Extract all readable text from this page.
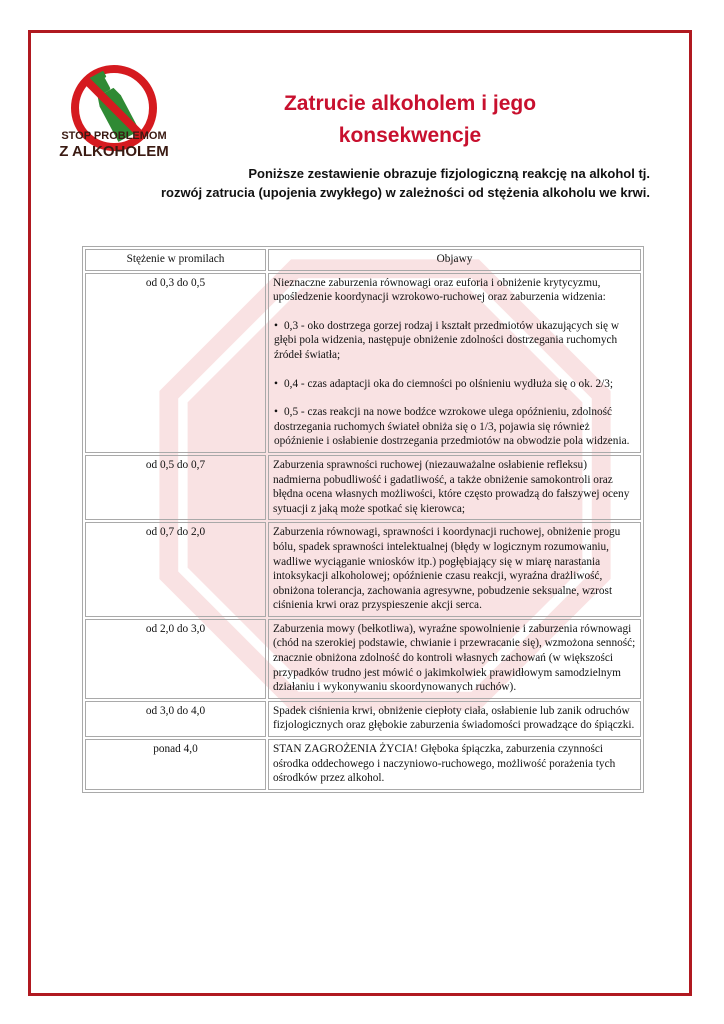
STOP PROBLEMOM
Z ALKOHOLEM
Zatrucie alkoholem i jego
konsekwencje
Poniższe zestawienie obrazuje fizjologiczną reakcję na alkohol tj.
rozwój zatrucia (upojenia zwykłego) w zależności od stężenia alkoholu we krwi.
Stężenie w promilach	Objawy
od 0,3 do 0,5	Nieznaczne zaburzenia równowagi oraz euforia i obniżenie krytycyzmu, upośledzenie koordynacji wzrokowo-ruchowej oraz zaburzenia widzenia:
• 0,3 - oko dostrzega gorzej rodzaj i kształt przedmiotów ukazujących się w głębi pola widzenia, następuje obniżenie zdolności dostrzegania ruchomych źródeł światła;
• 0,4 - czas adaptacji oka do ciemności po olśnieniu wydłuża się o ok. 2/3;
• 0,5 - czas reakcji na nowe bodźce wzrokowe ulega opóźnieniu, zdolność dostrzegania ruchomych świateł obniża się o 1/3, pojawia się również opóźnienie i osłabienie dostrzegania przedmiotów na obwodzie pola widzenia.

od 0,5 do 0,7	Zaburzenia sprawności ruchowej (niezauważalne osłabienie refleksu) nadmierna pobudliwość i gadatliwość, a także obniżenie samokontroli oraz błędna ocena własnych możliwości, które często prowadzą do fałszywej oceny sytuacji z jaką może spotkać się kierowca;
od 0,7 do 2,0	Zaburzenia równowagi, sprawności i koordynacji ruchowej, obniżenie progu bólu, spadek sprawności intelektualnej (błędy w logicznym rozumowaniu, wadliwe wyciąganie wniosków itp.) pogłębiający się w miarę narastania intoksykacji alkoholowej; opóźnienie czasu reakcji, wyraźna drażliwość, obniżona tolerancja, zachowania agresywne, pobudzenie seksualne, wzrost ciśnienia krwi oraz przyspieszenie akcji serca.
od 2,0 do 3,0	Zaburzenia mowy (bełkotliwa), wyraźne spowolnienie i zaburzenia równowagi (chód na szerokiej podstawie, chwianie i przewracanie się), wzmożona senność; znacznie obniżona zdolność do kontroli własnych zachowań (w większości przypadków trudno jest mówić o jakimkolwiek prawidłowym samodzielnym działaniu i wykonywaniu skoordynowanych ruchów).
od 3,0 do 4,0	Spadek ciśnienia krwi, obniżenie ciepłoty ciała, osłabienie lub zanik odruchów fizjologicznych oraz głębokie zaburzenia świadomości prowadzące do śpiączki.
ponad 4,0	STAN ZAGROŻENIA ŻYCIA! Głęboka śpiączka, zaburzenia czynności ośrodka oddechowego i naczyniowo-ruchowego, możliwość porażenia tych ośrodków przez alkohol.
